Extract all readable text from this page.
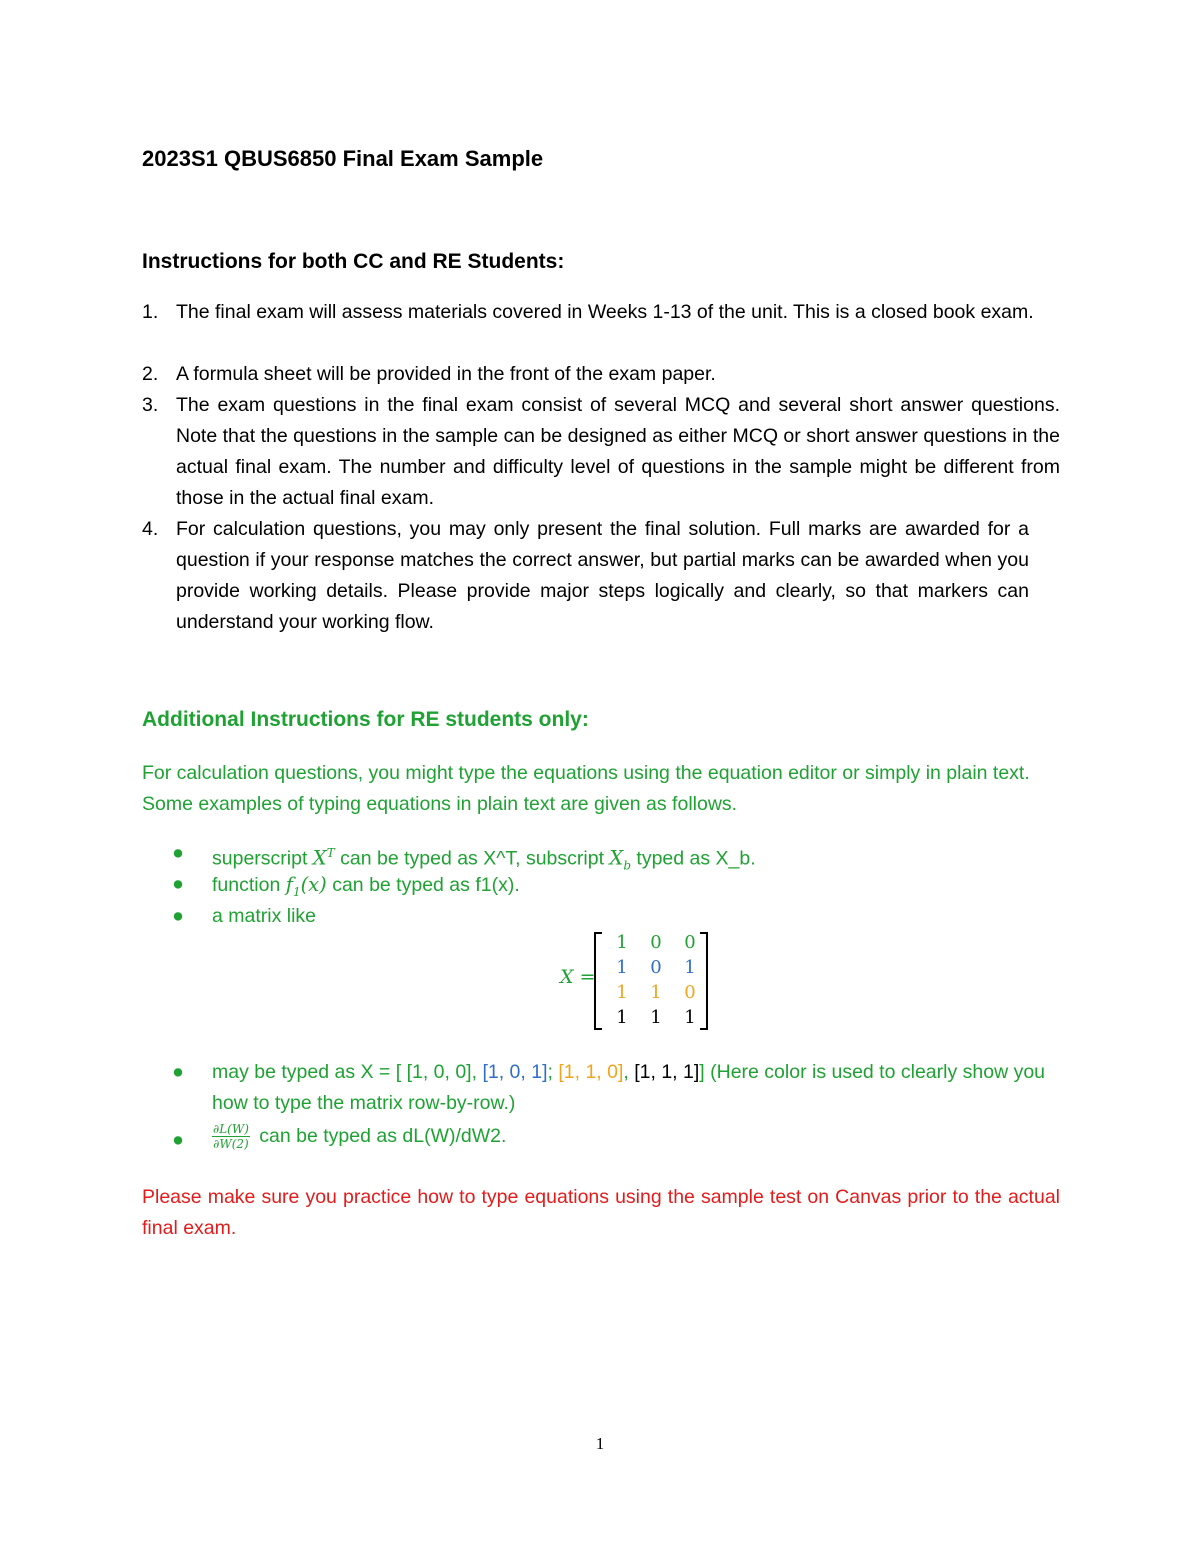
2023S1 QBUS6850 Final Exam Sample
Instructions for both CC and RE Students:
1. The final exam will assess materials covered in Weeks 1-13 of the unit. This is a closed book exam.
2. A formula sheet will be provided in the front of the exam paper.
3. The exam questions in the final exam consist of several MCQ and several short answer questions. Note that the questions in the sample can be designed as either MCQ or short answer questions in the actual final exam. The number and difficulty level of questions in the sample might be different from those in the actual final exam.
4. For calculation questions, you may only present the final solution. Full marks are awarded for a question if your response matches the correct answer, but partial marks can be awarded when you provide working details. Please provide major steps logically and clearly, so that markers can understand your working flow.
Additional Instructions for RE students only:
For calculation questions, you might type the equations using the equation editor or simply in plain text. Some examples of typing equations in plain text are given as follows.
● superscript $X^T$ can be typed as X^T, subscript $X_b$ typed as X_b.
● function $f_1(x)$ can be typed as f1(x).
● a matrix like
X =
1 0 0
1 0 1
1 1 0
1 1 1
● may be typed as X = [ [1, 0, 0], [1, 0, 1]; [1, 1, 0], [1, 1, 1]] (Here color is used to clearly show you how to type the matrix row-by-row.)
● $\frac{\partial L(W)}{\partial W(2)}$ can be typed as dL(W)/dW2.
Please make sure you practice how to type equations using the sample test on Canvas prior to the actual final exam.
1
